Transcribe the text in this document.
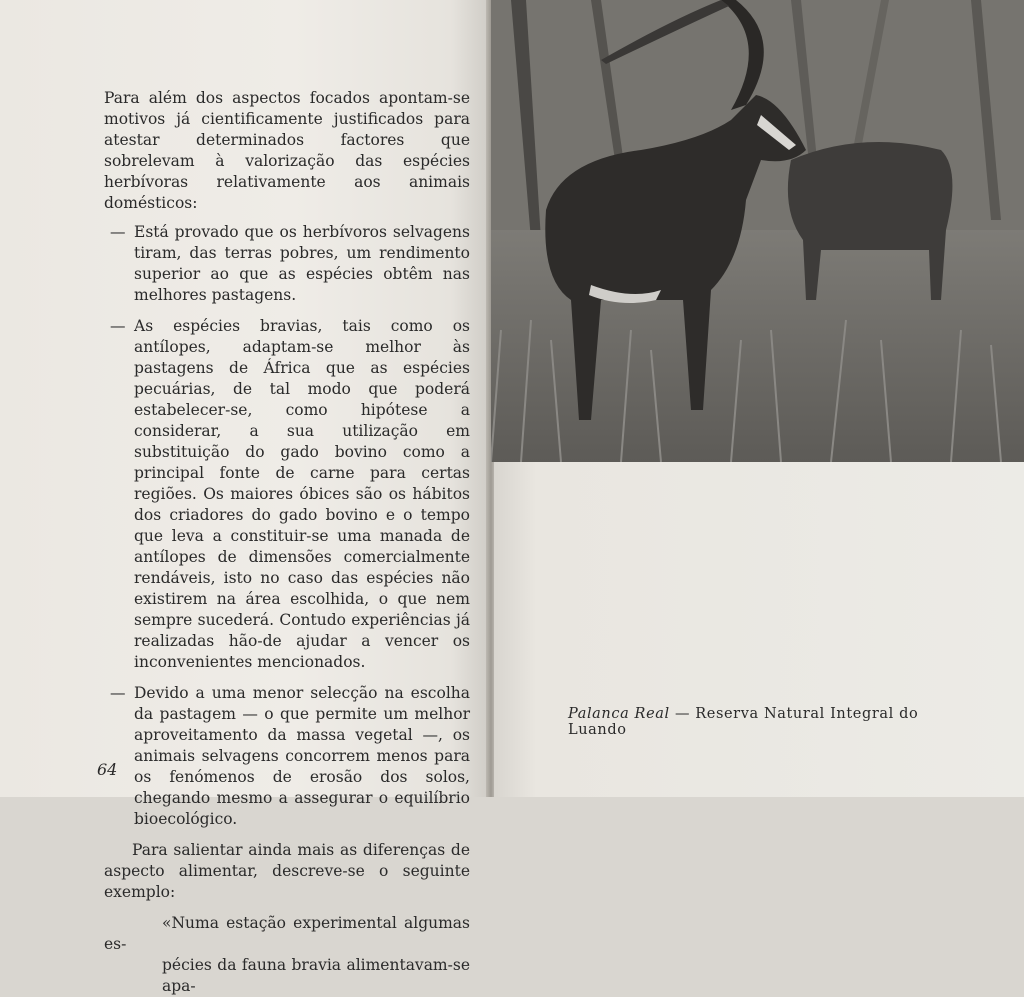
Para além dos aspectos focados apontam-se motivos já cientificamente justificados para atestar determinados factores que sobrelevam à valorização das espécies herbívoras relativamente aos animais domésticos:

— Está provado que os herbívoros selvagens tiram, das terras pobres, um rendimento superior ao que as espécies obtêm nas melhores pastagens.
— As espécies bravias, tais como os antílopes, adaptam-se melhor às pastagens de África que as espécies pecuárias, de tal modo que poderá estabelecer-se, como hipótese a considerar, a sua utilização em substituição do gado bovino como a principal fonte de carne para certas regiões. Os maiores óbices são os hábitos dos criadores do gado bovino e o tempo que leva a constituir-se uma manada de antílopes de dimensões comercialmente rendáveis, isto no caso das espécies não existirem na área escolhida, o que nem sempre sucederá. Contudo experiências já realizadas hão-de ajudar a vencer os inconvenientes mencionados.
— Devido a uma menor selecção na escolha da pastagem — o que permite um melhor aproveitamento da massa vegetal —, os animais selvagens concorrem menos para os fenómenos de erosão dos solos, chegando mesmo a assegurar o equilíbrio bioecológico.

Para salientar ainda mais as diferenças de aspecto alimentar, descreve-se o seguinte exemplo:

«Numa estação experimental algumas es-

pécies da fauna bravia alimentavam-se apa-

64
Palanca Real — Reserva Natural Integral do Luando
